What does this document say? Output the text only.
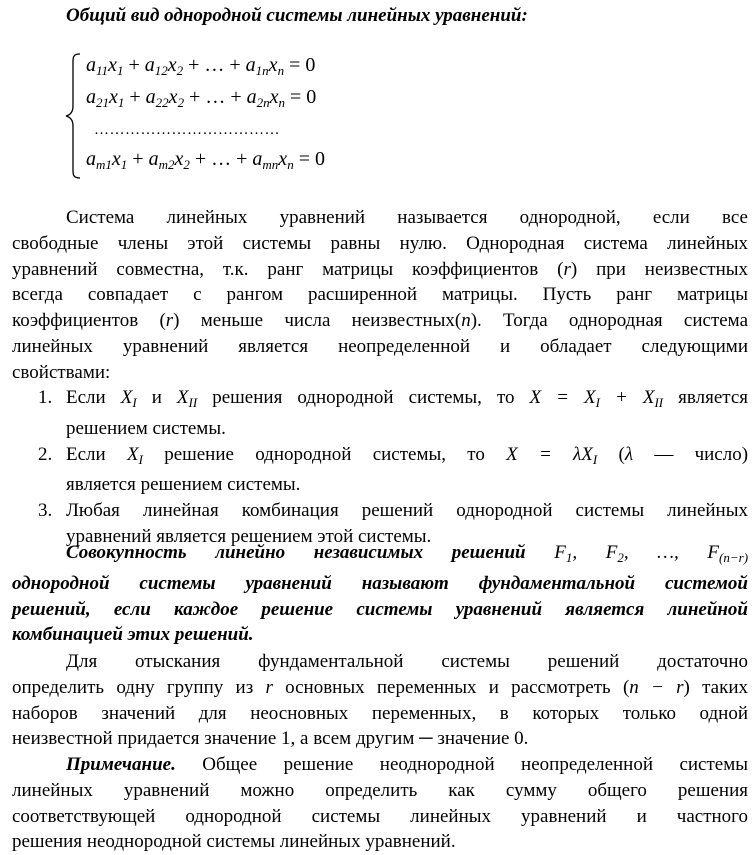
Общий вид однородной системы линейных уравнений:
$a_{11}x_1 + a_{12}x_2$ + … + $a_{1n}x_n = 0$
$a_{21}x_1 + a_{22}x_2$ + … + $a_{2n}x_n = 0$
………………………………
$a_{m1}x_1 + a_{m2}x_2$ + … + $a_{mn}x_n = 0$
Система линейных уравнений называется однородной, если все
свободные члены этой системы равны нулю. Однородная система линейных
уравнений совместна, т.к. ранг матрицы коэффициентов (r) при неизвестных
всегда совпадает с рангом расширенной матрицы. Пусть ранг матрицы
коэффициентов (r) меньше числа неизвестных(n). Тогда однородная система
линейных уравнений является неопределенной и обладает следующими
свойствами:
1. Если $X_I$ и $X_{II}$ решения однородной системы, то $X = X_I + X_{II}$ является
решением системы.
2. Если $X_I$ решение однородной системы, то $X = \lambda X_I$ (λ — число)
является решением системы.
3. Любая линейная комбинация решений однородной системы линейных
уравнений является решением этой системы.
Совокупность линейно независимых решений $F_1$, $F_2$, …, $F_{(n-r)}$
однородной системы уравнений называют фундаментальной системой
решений, если каждое решение системы уравнений является линейной
комбинацией этих решений.
Для отыскания фундаментальной системы решений достаточно
определить одну группу из r основных переменных и рассмотреть (n − r) таких
наборов значений для неосновных переменных, в которых только одной
неизвестной придается значение 1, а всем другим ─ значение 0.
Примечание. Общее решение неоднородной неопределенной системы
линейных уравнений можно определить как сумму общего решения
соответствующей однородной системы линейных уравнений и частного
решения неоднородной системы линейных уравнений.
